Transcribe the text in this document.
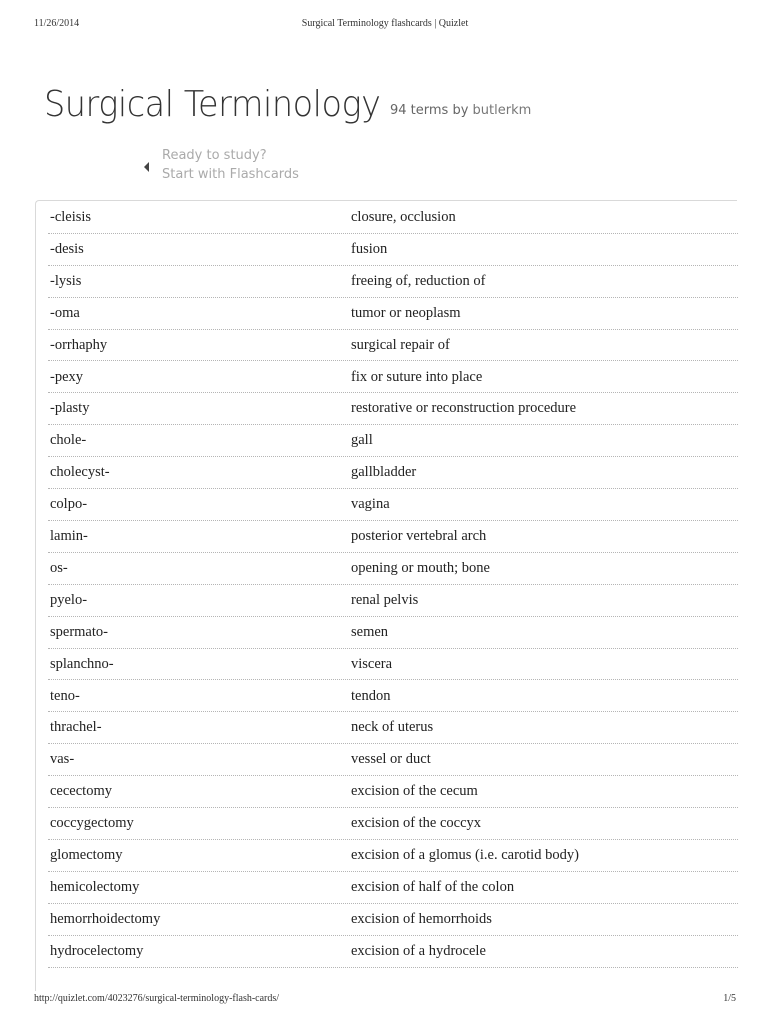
11/26/2014	Surgical Terminology flashcards | Quizlet
Surgical Terminology 94 terms by butlerkm
Ready to study?
Start with Flashcards
-cleisis	closure, occlusion
-desis	fusion
-lysis	freeing of, reduction of
-oma	tumor or neoplasm
-orrhaphy	surgical repair of
-pexy	fix or suture into place
-plasty	restorative or reconstruction procedure
chole-	gall
cholecyst-	gallbladder
colpo-	vagina
lamin-	posterior vertebral arch
os-	opening or mouth; bone
pyelo-	renal pelvis
spermato-	semen
splanchno-	viscera
teno-	tendon
thrachel-	neck of uterus
vas-	vessel or duct
cecectomy	excision of the cecum
coccygectomy	excision of the coccyx
glomectomy	excision of a glomus (i.e. carotid body)
hemicolectomy	excision of half of the colon
hemorrhoidectomy	excision of hemorrhoids
hydrocelectomy	excision of a hydrocele
http://quizlet.com/4023276/surgical-terminology-flash-cards/	1/5
